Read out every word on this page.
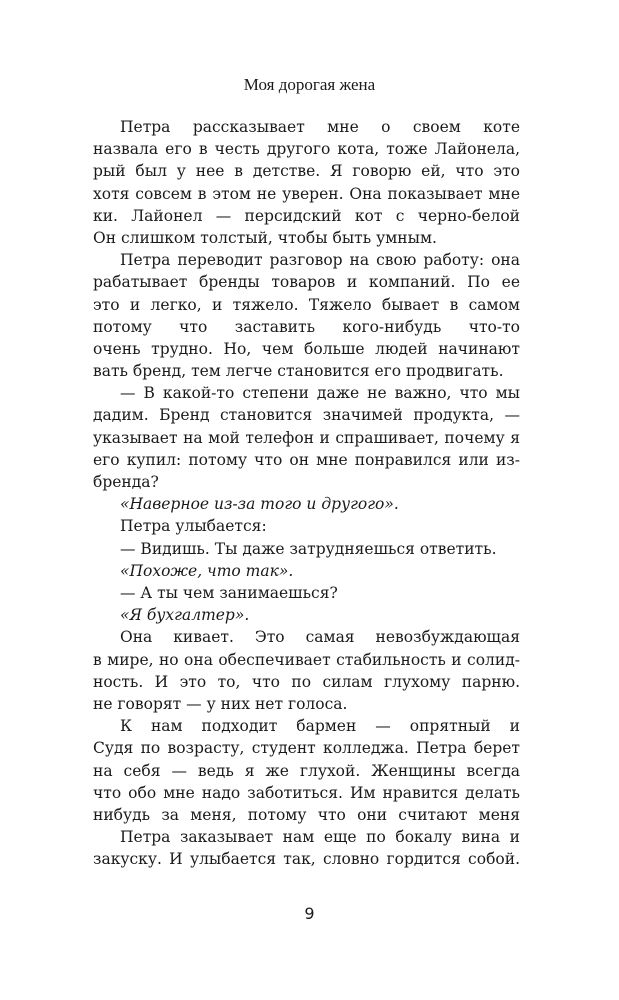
Моя дорогая жена
Петра рассказывает мне о своем коте
назвала его в честь другого кота, тоже Лайонела,
рый был у нее в детстве. Я говорю ей, что это
хотя совсем в этом не уверен. Она показывает мне
ки. Лайонел — персидский кот с черно-белой
Он слишком толстый, чтобы быть умным.
Петра переводит разговор на свою работу: она
рабатывает бренды товаров и компаний. По ее
это и легко, и тяжело. Тяжело бывает в самом
потому что заставить кого-нибудь что-то
очень трудно. Но, чем больше людей начинают
вать бренд, тем легче становится его продвигать.
— В какой-то степени даже не важно, что мы
дадим. Бренд становится значимей продукта, —
указывает на мой телефон и спрашивает, почему я
его купил: потому что он мне понравился или из-
бренда?
«Наверное из-за того и другого».
Петра улыбается:
— Видишь. Ты даже затрудняешься ответить.
«Похоже, что так».
— А ты чем занимаешься?
«Я бухгалтер».
Она кивает. Это самая невозбуждающая
в мире, но она обеспечивает стабильность и солид-
ность. И это то, что по силам глухому парню.
не говорят — у них нет голоса.
К нам подходит бармен — опрятный и
Судя по возрасту, студент колледжа. Петра берет
на себя — ведь я же глухой. Женщины всегда
что обо мне надо заботиться. Им нравится делать
нибудь за меня, потому что они считают меня
Петра заказывает нам еще по бокалу вина и
закуску. И улыбается так, словно гордится собой.
9
